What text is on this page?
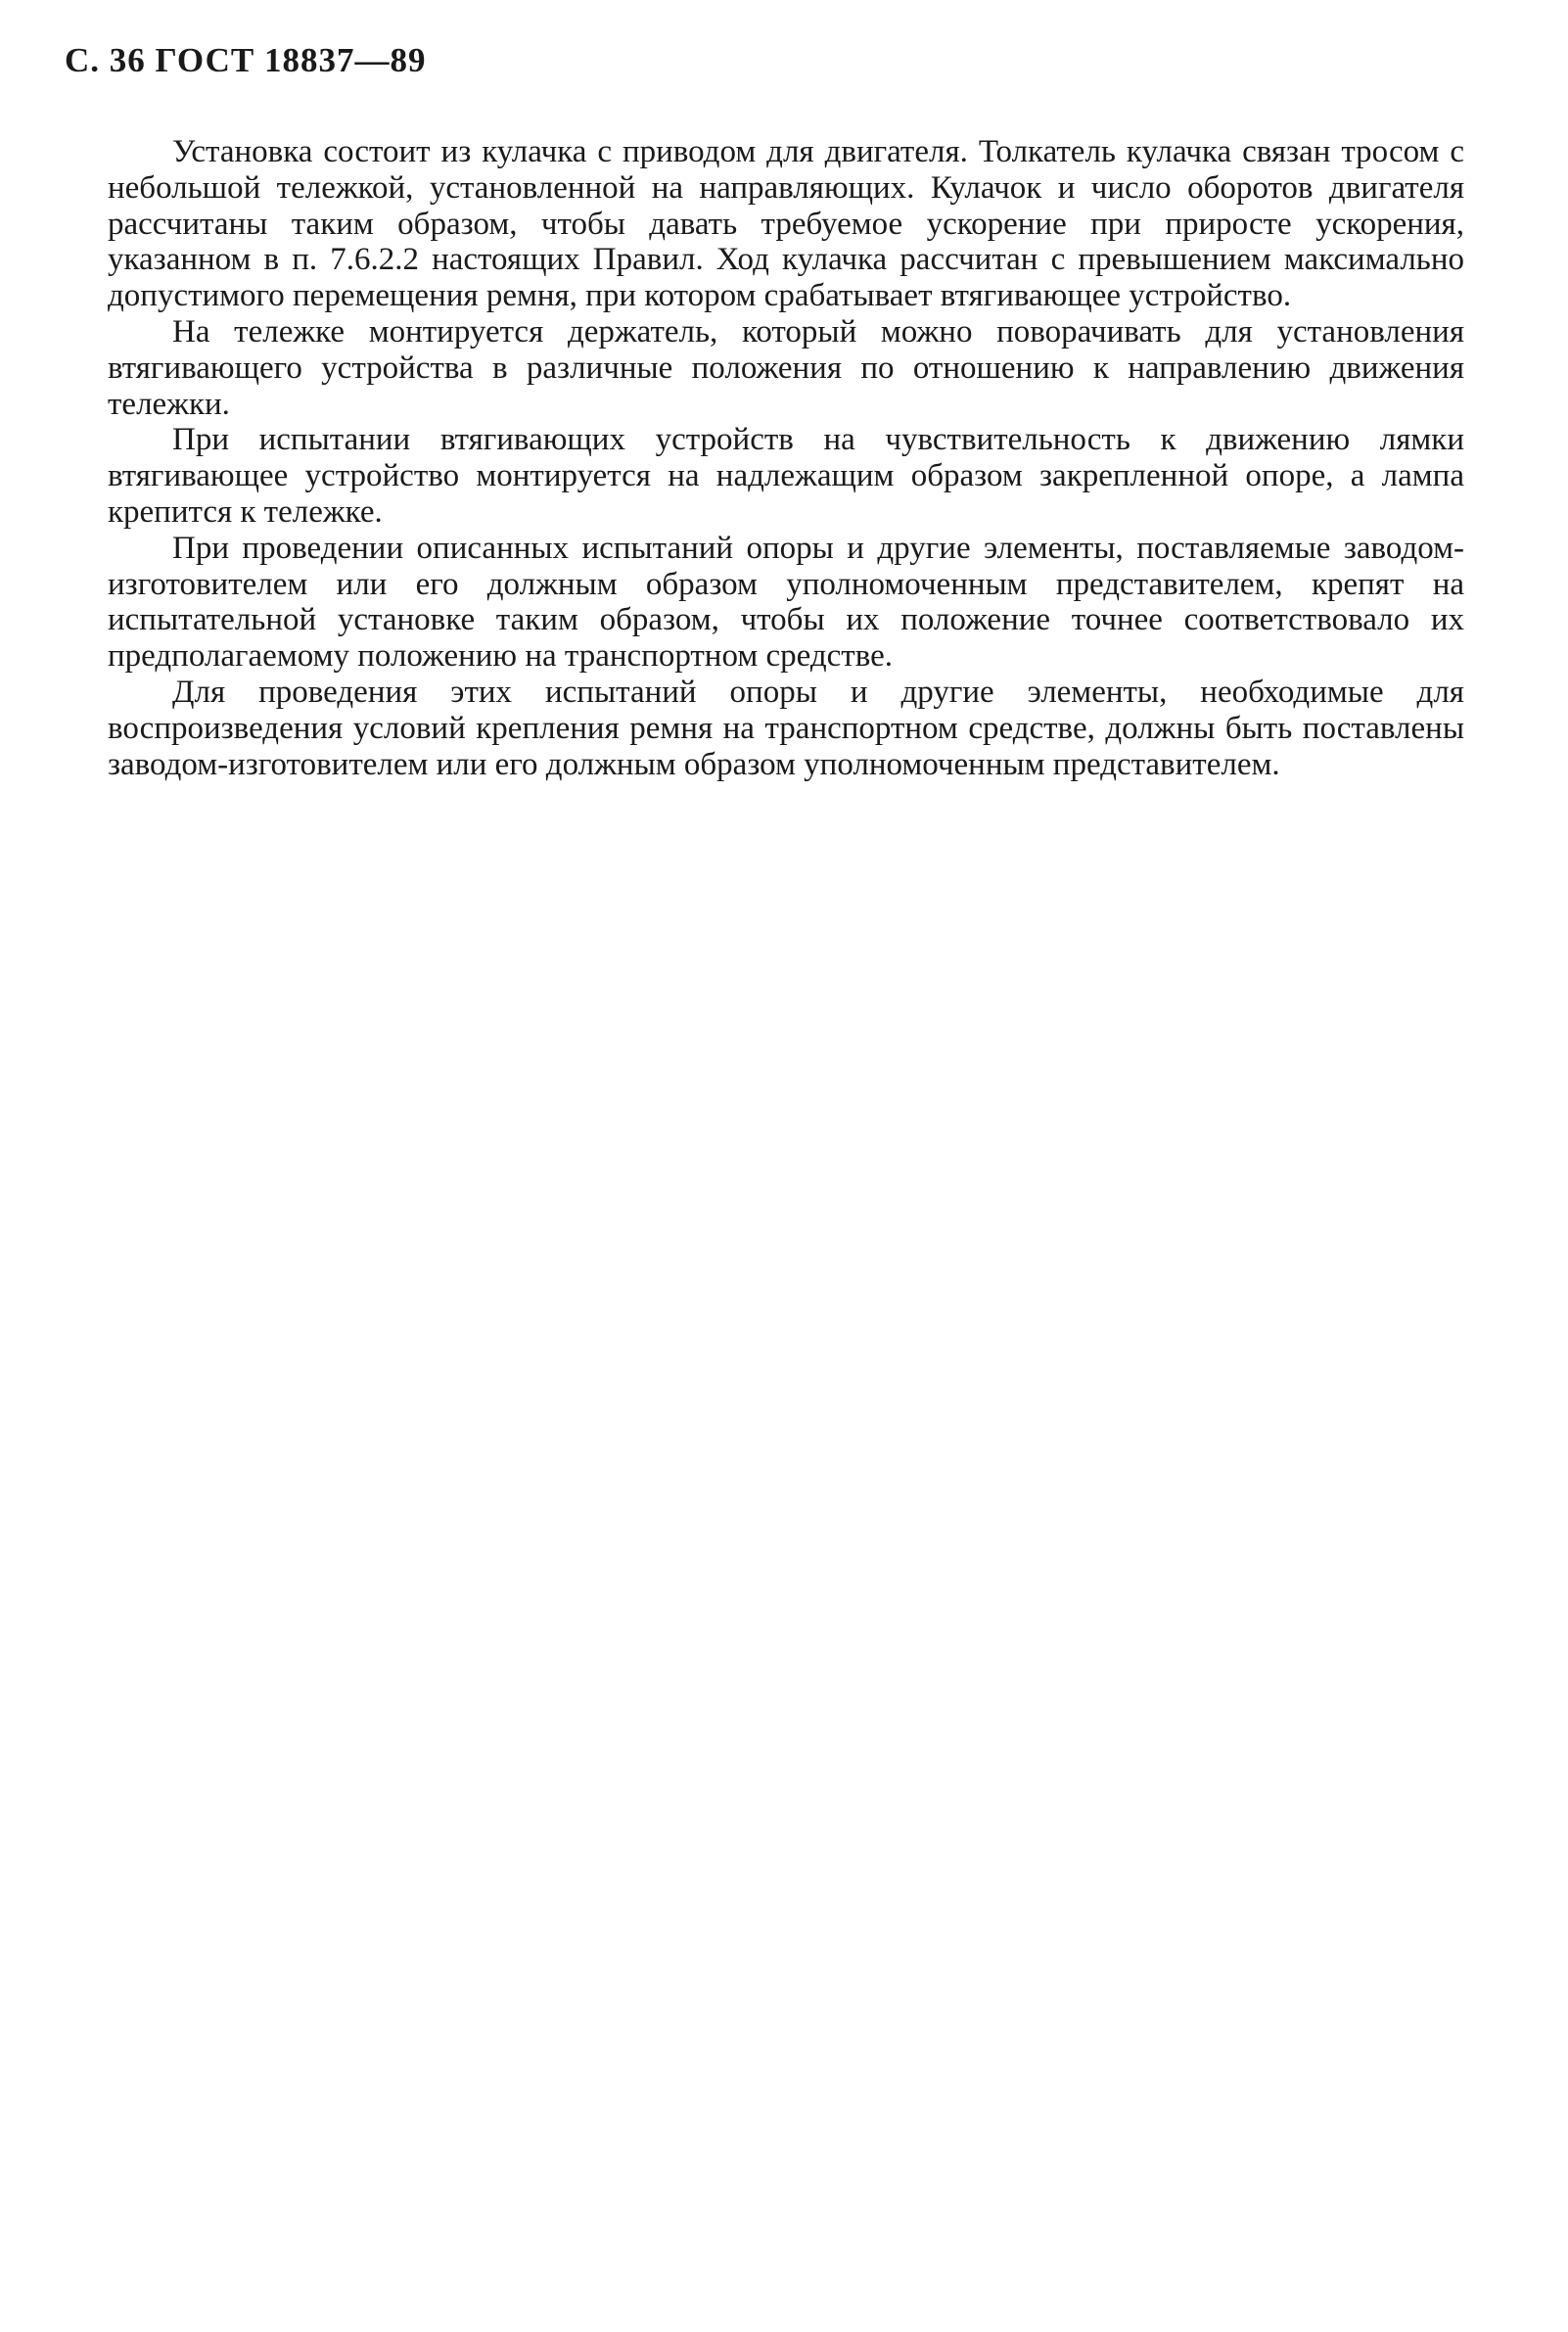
С. 36 ГОСТ 18837—89

Установка состоит из кулачка с приводом для двигателя. Толкатель кулачка связан тросом с небольшой тележкой, установленной на направляющих. Кулачок и число оборотов двигателя рассчитаны таким образом, чтобы давать требуемое ускорение при приросте ускорения, указанном в п. 7.6.2.2 настоящих Правил. Ход кулачка рассчитан с превышением максимально допустимого перемещения ремня, при котором срабатывает втягивающее устройство.

На тележке монтируется держатель, который можно поворачивать для установления втягивающего устройства в различные положения по отношению к направлению движения тележки.

При испытании втягивающих устройств на чувствительность к движению лямки втягивающее устройство монтируется на надлежащим образом закрепленной опоре, а лампа крепится к тележке.

При проведении описанных испытаний опоры и другие элементы, поставляемые заводом-изготовителем или его должным образом уполномоченным представителем, крепят на испытательной установке таким образом, чтобы их положение точнее соответствовало их предполагаемому положению на транспортном средстве.

Для проведения этих испытаний опоры и другие элементы, необходимые для воспроизведения условий крепления ремня на транспортном средстве, должны быть поставлены заводом-изготовителем или его должным образом уполномоченным представителем.
